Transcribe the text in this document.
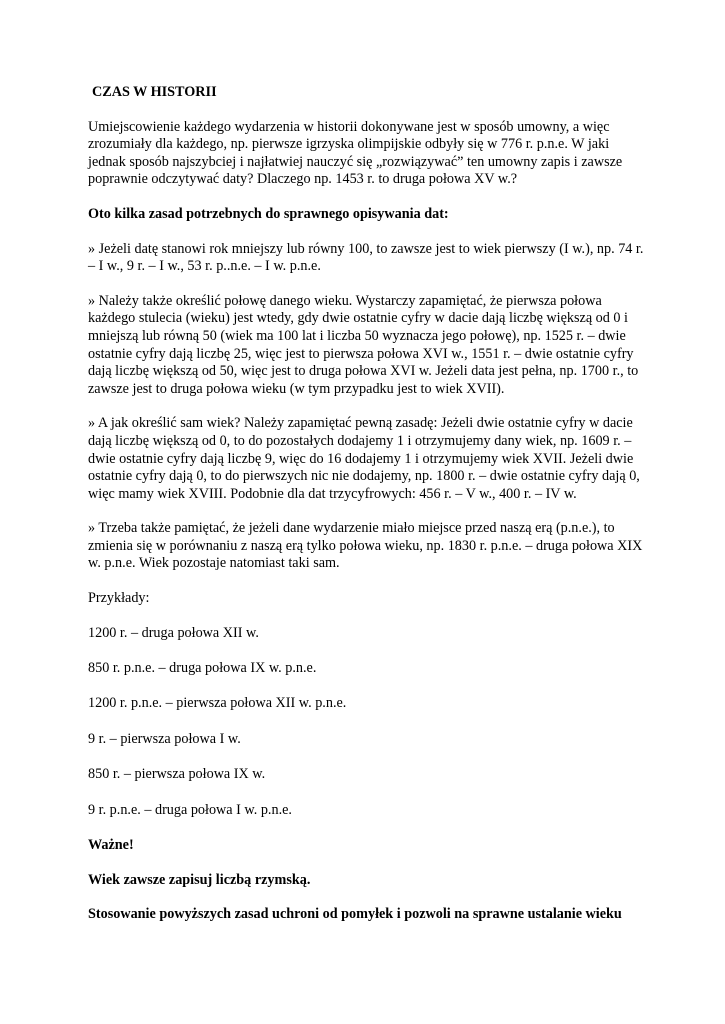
CZAS W HISTORII

Umiejscowienie każdego wydarzenia w historii dokonywane jest w sposób umowny, a więc zrozumiały dla każdego, np. pierwsze igrzyska olimpijskie odbyły się w 776 r. p.n.e. W jaki jednak sposób najszybciej i najłatwiej nauczyć się „rozwiązywać” ten umowny zapis i zawsze poprawnie odczytywać daty? Dlaczego np. 1453 r. to druga połowa XV w.?

Oto kilka zasad potrzebnych do sprawnego opisywania dat:

» Jeżeli datę stanowi rok mniejszy lub równy 100, to zawsze jest to wiek pierwszy (I w.), np. 74 r. – I w., 9 r. – I w., 53 r. p..n.e. – I w. p.n.e.

» Należy także określić połowę danego wieku. Wystarczy zapamiętać, że pierwsza połowa każdego stulecia (wieku) jest wtedy, gdy dwie ostatnie cyfry w dacie dają liczbę większą od 0 i mniejszą lub równą 50 (wiek ma 100 lat i liczba 50 wyznacza jego połowę), np. 1525 r. – dwie ostatnie cyfry dają liczbę 25, więc jest to pierwsza połowa XVI w., 1551 r. – dwie ostatnie cyfry dają liczbę większą od 50, więc jest to druga połowa XVI w. Jeżeli data jest pełna, np. 1700 r., to zawsze jest to druga połowa wieku (w tym przypadku jest to wiek XVII).

» A jak określić sam wiek? Należy zapamiętać pewną zasadę: Jeżeli dwie ostatnie cyfry w dacie dają liczbę większą od 0, to do pozostałych dodajemy 1 i otrzymujemy dany wiek, np. 1609 r. – dwie ostatnie cyfry dają liczbę 9, więc do 16 dodajemy 1 i otrzymujemy wiek XVII. Jeżeli dwie ostatnie cyfry dają 0, to do pierwszych nic nie dodajemy, np. 1800 r. – dwie ostatnie cyfry dają 0, więc mamy wiek XVIII. Podobnie dla dat trzycyfrowych: 456 r. – V w., 400 r. – IV w.

» Trzeba także pamiętać, że jeżeli dane wydarzenie miało miejsce przed naszą erą (p.n.e.), to zmienia się w porównaniu z naszą erą tylko połowa wieku, np. 1830 r. p.n.e. – druga połowa XIX w. p.n.e. Wiek pozostaje natomiast taki sam.

Przykłady:

1200 r. – druga połowa XII w.

850 r. p.n.e. – druga połowa IX w. p.n.e.

1200 r. p.n.e. – pierwsza połowa XII w. p.n.e.

9 r. – pierwsza połowa I w.

850 r. – pierwsza połowa IX w.

9 r. p.n.e. – druga połowa I w. p.n.e.

Ważne!

Wiek zawsze zapisuj liczbą rzymską.

Stosowanie powyższych zasad uchroni od pomyłek i pozwoli na sprawne ustalanie wieku
